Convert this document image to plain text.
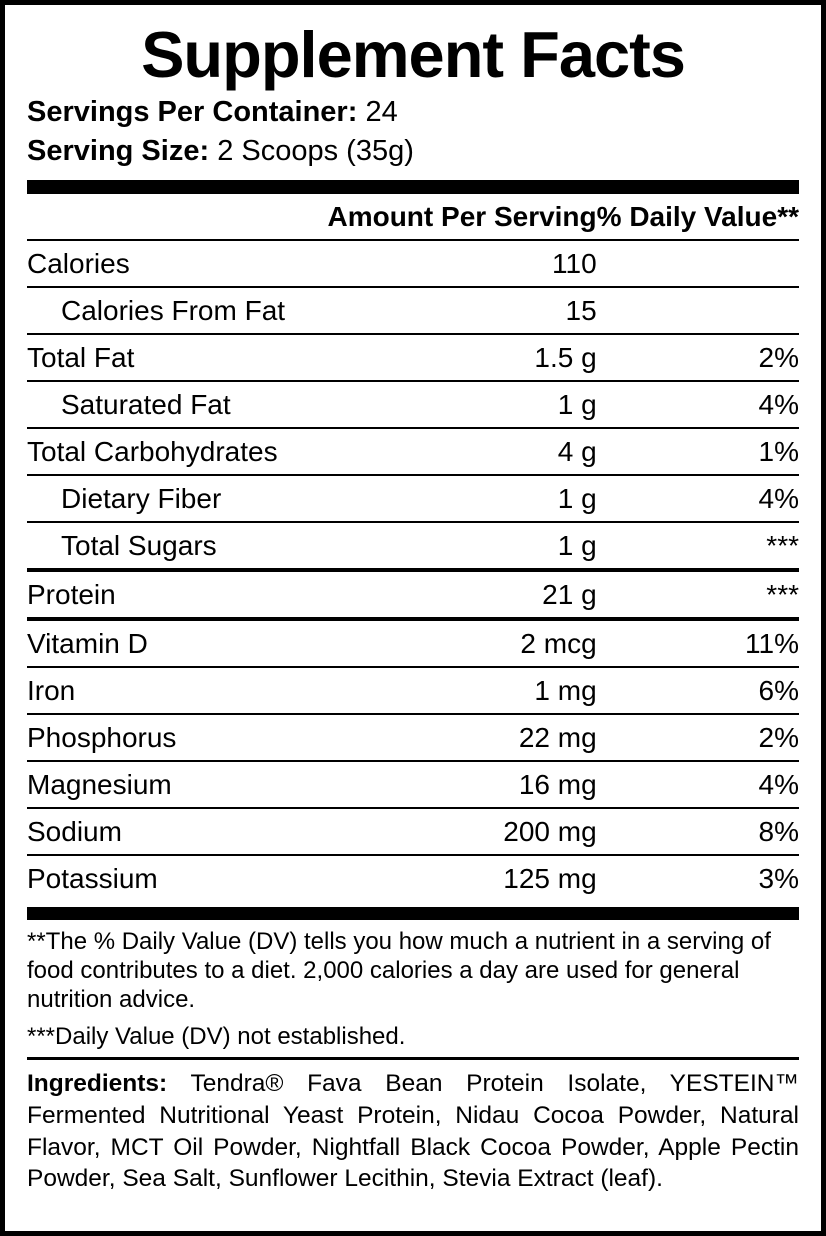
Supplement Facts
Servings Per Container: 24
Serving Size: 2 Scoops (35g)
	Amount Per Serving	% Daily Value**
Calories	110	
Calories From Fat	15	
Total Fat	1.5 g	2%
Saturated Fat	1 g	4%
Total Carbohydrates	4 g	1%
Dietary Fiber	1 g	4%
Total Sugars	1 g	***
Protein	21 g	***
Vitamin D	2 mcg	11%
Iron	1 mg	6%
Phosphorus	22 mg	2%
Magnesium	16 mg	4%
Sodium	200 mg	8%
Potassium	125 mg	3%
**The % Daily Value (DV) tells you how much a nutrient in a serving of food contributes to a diet. 2,000 calories a day are used for general nutrition advice.
***Daily Value (DV) not established.
Ingredients: Tendra® Fava Bean Protein Isolate, YESTEIN™ Fermented Nutritional Yeast Protein, Nidau Cocoa Powder, Natural Flavor, MCT Oil Powder, Nightfall Black Cocoa Powder, Apple Pectin Powder, Sea Salt, Sunflower Lecithin, Stevia Extract (leaf).
